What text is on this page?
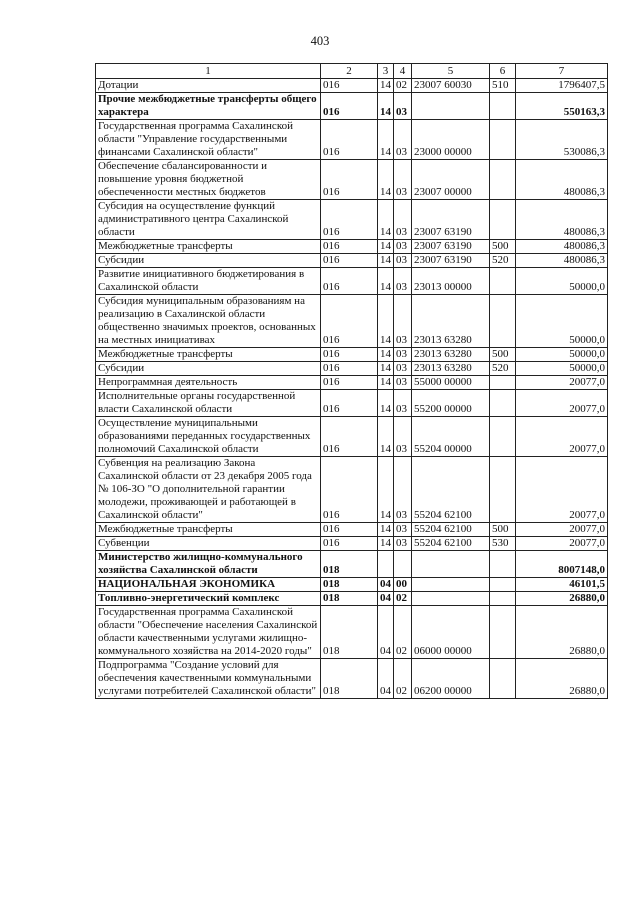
403
1	2	3	4	5	6	7
Дотации	016	14	02	23007 60030	510	1796407,5
Прочие межбюджетные трансферты общего характера	016	14	03			550163,3
Государственная программа Сахалинской области "Управление государственными финансами Сахалинской области"	016	14	03	23000 00000		530086,3
Обеспечение сбалансированности и повышение уровня бюджетной обеспеченности местных бюджетов	016	14	03	23007 00000		480086,3
Субсидия на осуществление функций административного центра Сахалинской области	016	14	03	23007 63190		480086,3
Межбюджетные трансферты	016	14	03	23007 63190	500	480086,3
Субсидии	016	14	03	23007 63190	520	480086,3
Развитие инициативного бюджетирования в Сахалинской области	016	14	03	23013 00000		50000,0
Субсидия муниципальным образованиям на реализацию в Сахалинской области общественно значимых проектов, основанных на местных инициативах	016	14	03	23013 63280		50000,0
Межбюджетные трансферты	016	14	03	23013 63280	500	50000,0
Субсидии	016	14	03	23013 63280	520	50000,0
Непрограммная деятельность	016	14	03	55000 00000		20077,0
Исполнительные органы государственной власти Сахалинской области	016	14	03	55200 00000		20077,0
Осуществление муниципальными образованиями переданных государственных полномочий Сахалинской области	016	14	03	55204 00000		20077,0
Субвенция на реализацию Закона Сахалинской области от 23 декабря 2005 года № 106-ЗО "О дополнительной гарантии молодежи, проживающей и работающей в Сахалинской области"	016	14	03	55204 62100		20077,0
Межбюджетные трансферты	016	14	03	55204 62100	500	20077,0
Субвенции	016	14	03	55204 62100	530	20077,0
Министерство жилищно-коммунального хозяйства Сахалинской области	018					8007148,0
НАЦИОНАЛЬНАЯ ЭКОНОМИКА	018	04	00			46101,5
Топливно-энергетический комплекс	018	04	02			26880,0
Государственная программа Сахалинской области "Обеспечение населения Сахалинской области качественными услугами жилищно-коммунального хозяйства на 2014-2020 годы"	018	04	02	06000 00000		26880,0
Подпрограмма "Создание условий для обеспечения качественными коммунальными услугами потребителей Сахалинской области"	018	04	02	06200 00000		26880,0
